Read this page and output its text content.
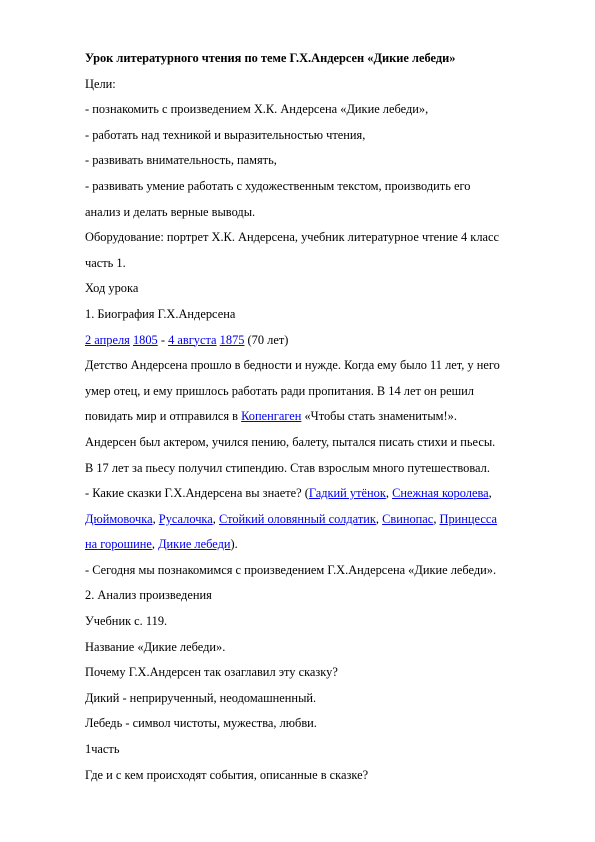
Урок литературного чтения по теме Г.Х.Андерсен «Дикие лебеди»
Цели:
- познакомить с произведением Х.К. Андерсена «Дикие лебеди»,
- работать над техникой и выразительностью чтения,
- развивать внимательность, память,
- развивать умение работать с художественным текстом, производить его
анализ и делать верные выводы.
Оборудование: портрет Х.К. Андерсена, учебник литературное чтение 4 класс
часть 1.
Ход урока
1. Биография Г.Х.Андерсена
2 апреля 1805 - 4 августа 1875 (70 лет)
Детство Андерсена прошло в бедности и нужде. Когда ему было 11 лет, у него
умер отец, и ему пришлось работать ради пропитания. В 14 лет он решил
повидать мир и отправился в Копенгаген «Чтобы стать знаменитым!».
Андерсен был актером, учился пению, балету, пытался писать стихи и пьесы.
В 17 лет за пьесу получил стипендию. Став взрослым много путешествовал.
- Какие сказки Г.Х.Андерсена вы знаете? (Гадкий утёнок, Снежная королева,
Дюймовочка, Русалочка, Стойкий оловянный солдатик, Свинопас, Принцесса
на горошине, Дикие лебеди).
- Сегодня мы познакомимся с произведением Г.Х.Андерсена «Дикие лебеди».
2. Анализ произведения
Учебник с. 119.
Название «Дикие лебеди».
Почему Г.Х.Андерсен так озаглавил эту сказку?
Дикий - неприрученный, неодомашненный.
Лебедь - символ чистоты, мужества, любви.
1часть
Где и с кем происходят события, описанные в сказке?
